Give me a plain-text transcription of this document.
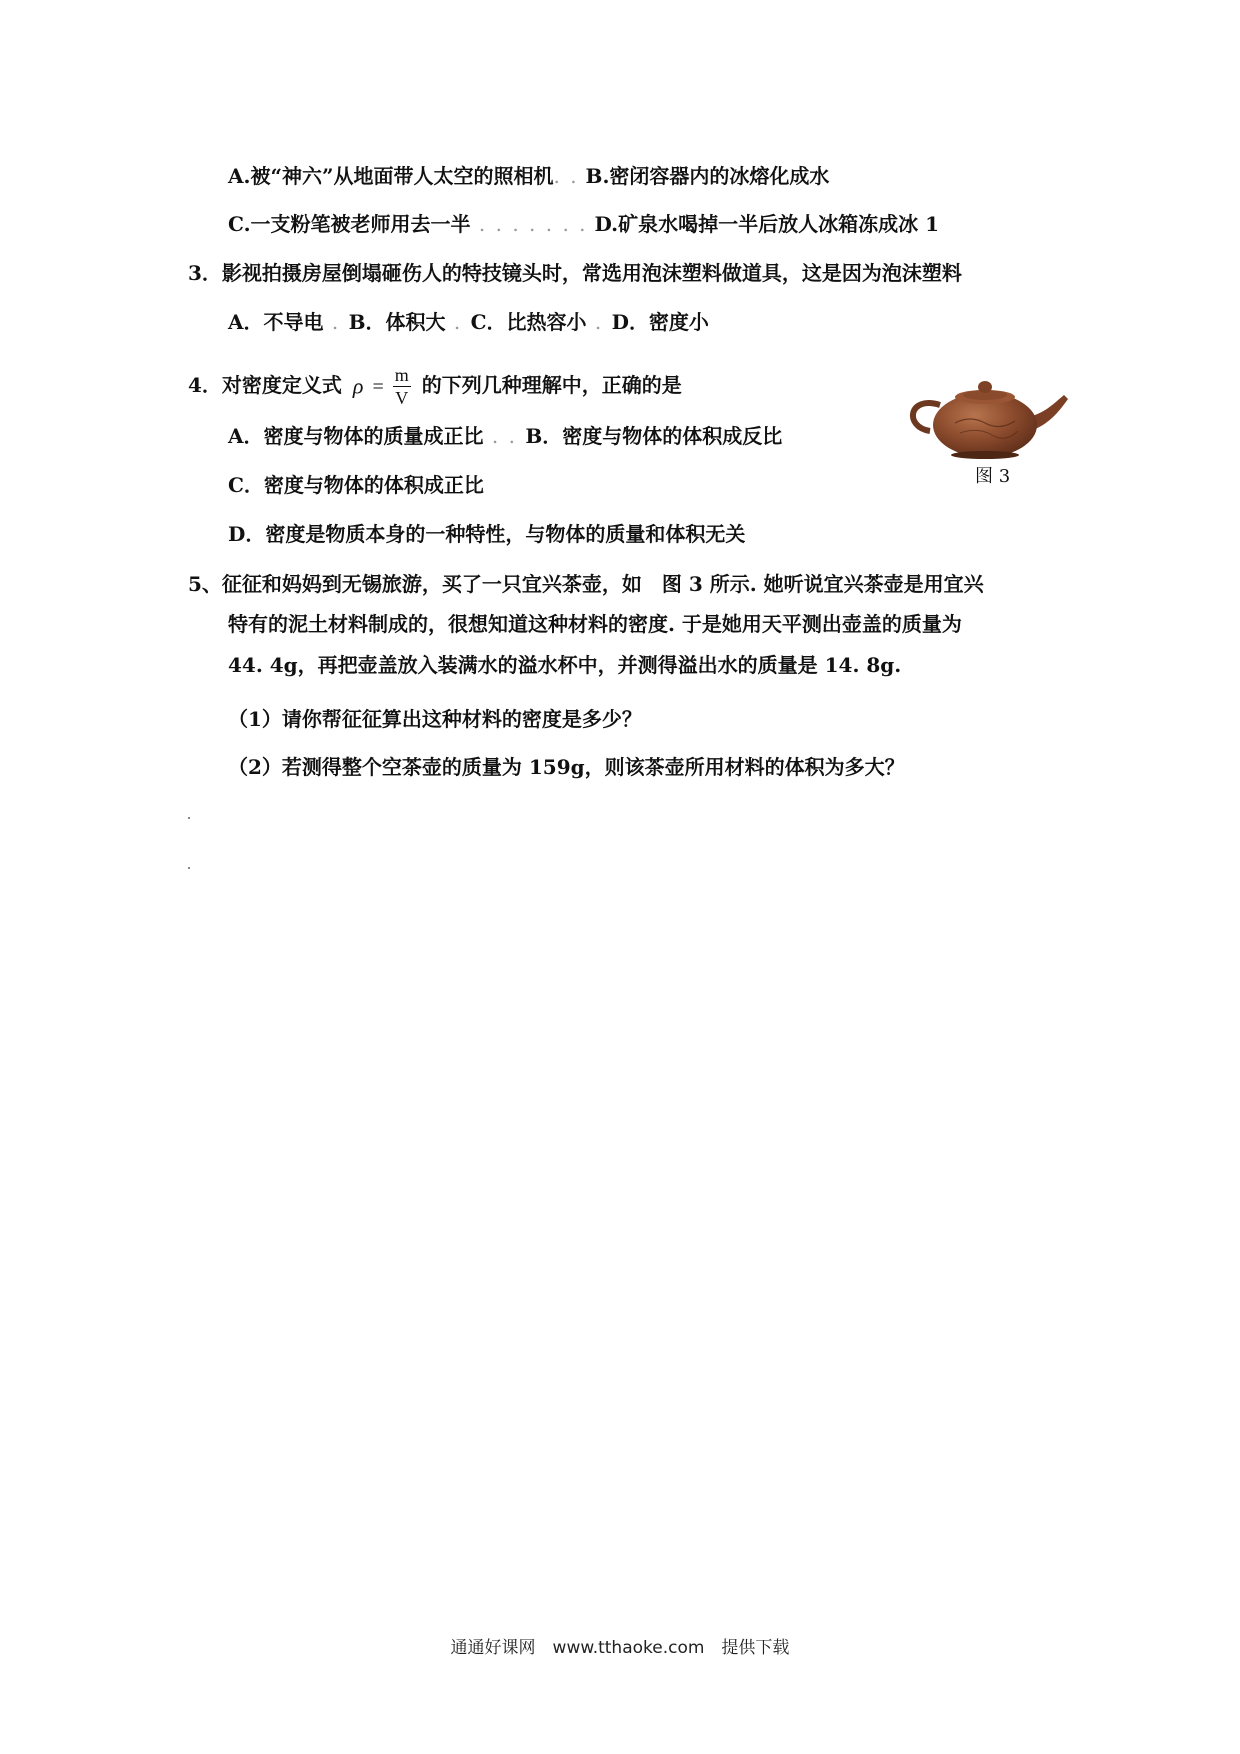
A.被“神六”从地面带人太空的照相机. . B.密闭容器内的冰熔化成水
C.一支粉笔被老师用去一半 . . . . . . . D.矿泉水喝掉一半后放人冰箱冻成冰 1
3．影视拍摄房屋倒塌砸伤人的特技镜头时，常选用泡沫塑料做道具，这是因为泡沫塑料
A．不导电 . B．体积大 . C．比热容小 . D．密度小
4．对密度定义式 $\rho = \frac{m}{V}$ 的下列几种理解中，正确的是
A．密度与物体的质量成正比 . . B．密度与物体的体积成反比
C．密度与物体的体积成正比
D．密度是物质本身的一种特性，与物体的质量和体积无关
图 3
5、征征和妈妈到无锡旅游，买了一只宜兴茶壶，如　图 3 所示. 她听说宜兴茶壶是用宜兴
特有的泥土材料制成的，很想知道这种材料的密度. 于是她用天平测出壶盖的质量为
44. 4g，再把壶盖放入装满水的溢水杯中，并测得溢出水的质量是 14. 8g.
（1）请你帮征征算出这种材料的密度是多少？
（2）若测得整个空茶壶的质量为 159g，则该茶壶所用材料的体积为多大？
通通好课网　www.tthaoke.com　提供下载
